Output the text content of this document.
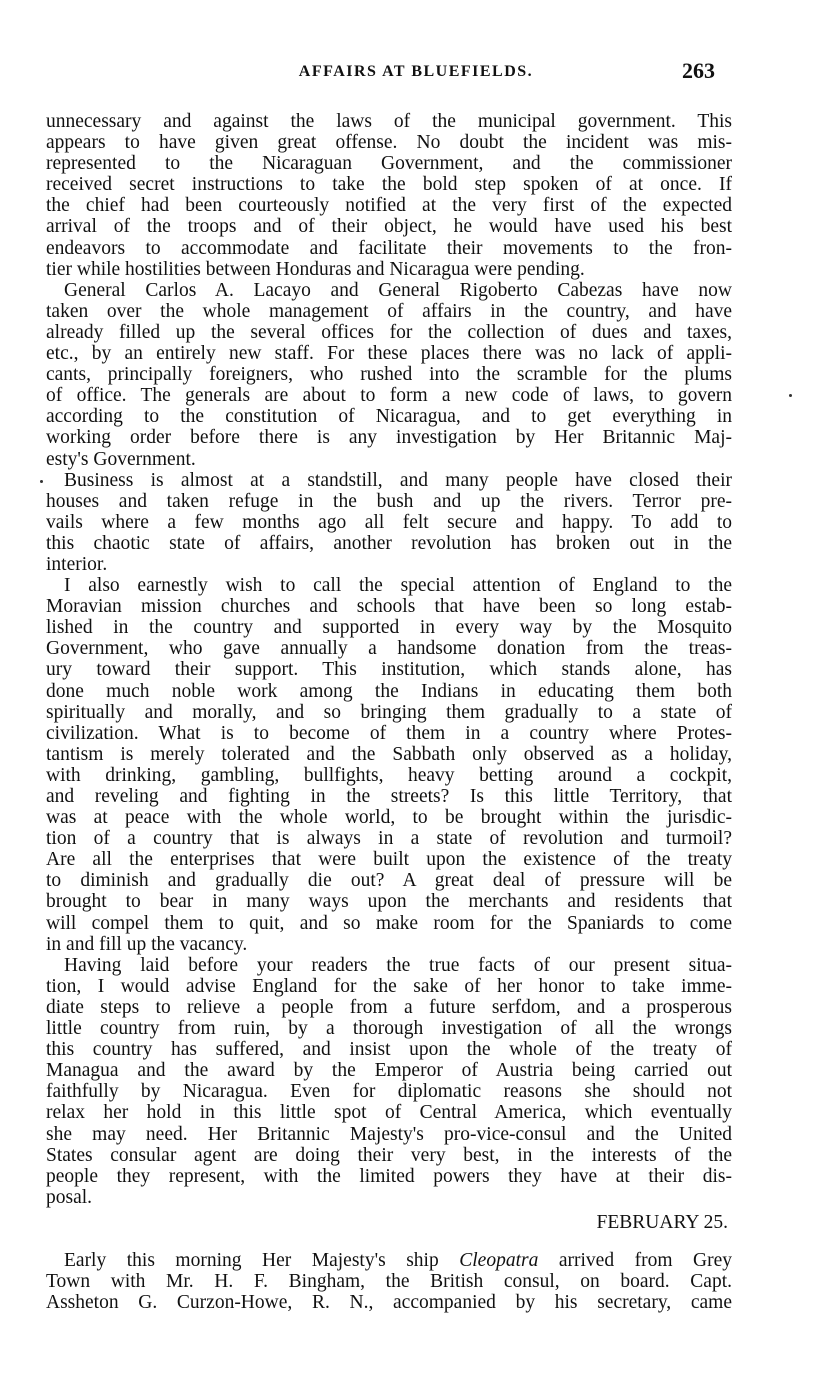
AFFAIRS AT BLUEFIELDS.	263
unnecessary and against the laws of the municipal government. This
appears to have given great offense. No doubt the incident was mis-
represented to the Nicaraguan Government, and the commissioner
received secret instructions to take the bold step spoken of at once. If
the chief had been courteously notified at the very first of the expected
arrival of the troops and of their object, he would have used his best
endeavors to accommodate and facilitate their movements to the fron-
tier while hostilities between Honduras and Nicaragua were pending.
General Carlos A. Lacayo and General Rigoberto Cabezas have now
taken over the whole management of affairs in the country, and have
already filled up the several offices for the collection of dues and taxes,
etc., by an entirely new staff. For these places there was no lack of appli-
cants, principally foreigners, who rushed into the scramble for the plums
of office. The generals are about to form a new code of laws, to govern
according to the constitution of Nicaragua, and to get everything in
working order before there is any investigation by Her Britannic Maj-
esty's Government.
Business is almost at a standstill, and many people have closed their
houses and taken refuge in the bush and up the rivers. Terror pre-
vails where a few months ago all felt secure and happy. To add to
this chaotic state of affairs, another revolution has broken out in the
interior.
I also earnestly wish to call the special attention of England to the
Moravian mission churches and schools that have been so long estab-
lished in the country and supported in every way by the Mosquito
Government, who gave annually a handsome donation from the treas-
ury toward their support. This institution, which stands alone, has
done much noble work among the Indians in educating them both
spiritually and morally, and so bringing them gradually to a state of
civilization. What is to become of them in a country where Protes-
tantism is merely tolerated and the Sabbath only observed as a holiday,
with drinking, gambling, bullfights, heavy betting around a cockpit,
and reveling and fighting in the streets? Is this little Territory, that
was at peace with the whole world, to be brought within the jurisdic-
tion of a country that is always in a state of revolution and turmoil?
Are all the enterprises that were built upon the existence of the treaty
to diminish and gradually die out? A great deal of pressure will be
brought to bear in many ways upon the merchants and residents that
will compel them to quit, and so make room for the Spaniards to come
in and fill up the vacancy.
Having laid before your readers the true facts of our present situa-
tion, I would advise England for the sake of her honor to take imme-
diate steps to relieve a people from a future serfdom, and a prosperous
little country from ruin, by a thorough investigation of all the wrongs
this country has suffered, and insist upon the whole of the treaty of
Managua and the award by the Emperor of Austria being carried out
faithfully by Nicaragua. Even for diplomatic reasons she should not
relax her hold in this little spot of Central America, which eventually
she may need. Her Britannic Majesty's pro-vice-consul and the United
States consular agent are doing their very best, in the interests of the
people they represent, with the limited powers they have at their dis-
posal.
FEBRUARY 25.
Early this morning Her Majesty's ship Cleopatra arrived from Grey
Town with Mr. H. F. Bingham, the British consul, on board. Capt.
Assheton G. Curzon-Howe, R. N., accompanied by his secretary, came
